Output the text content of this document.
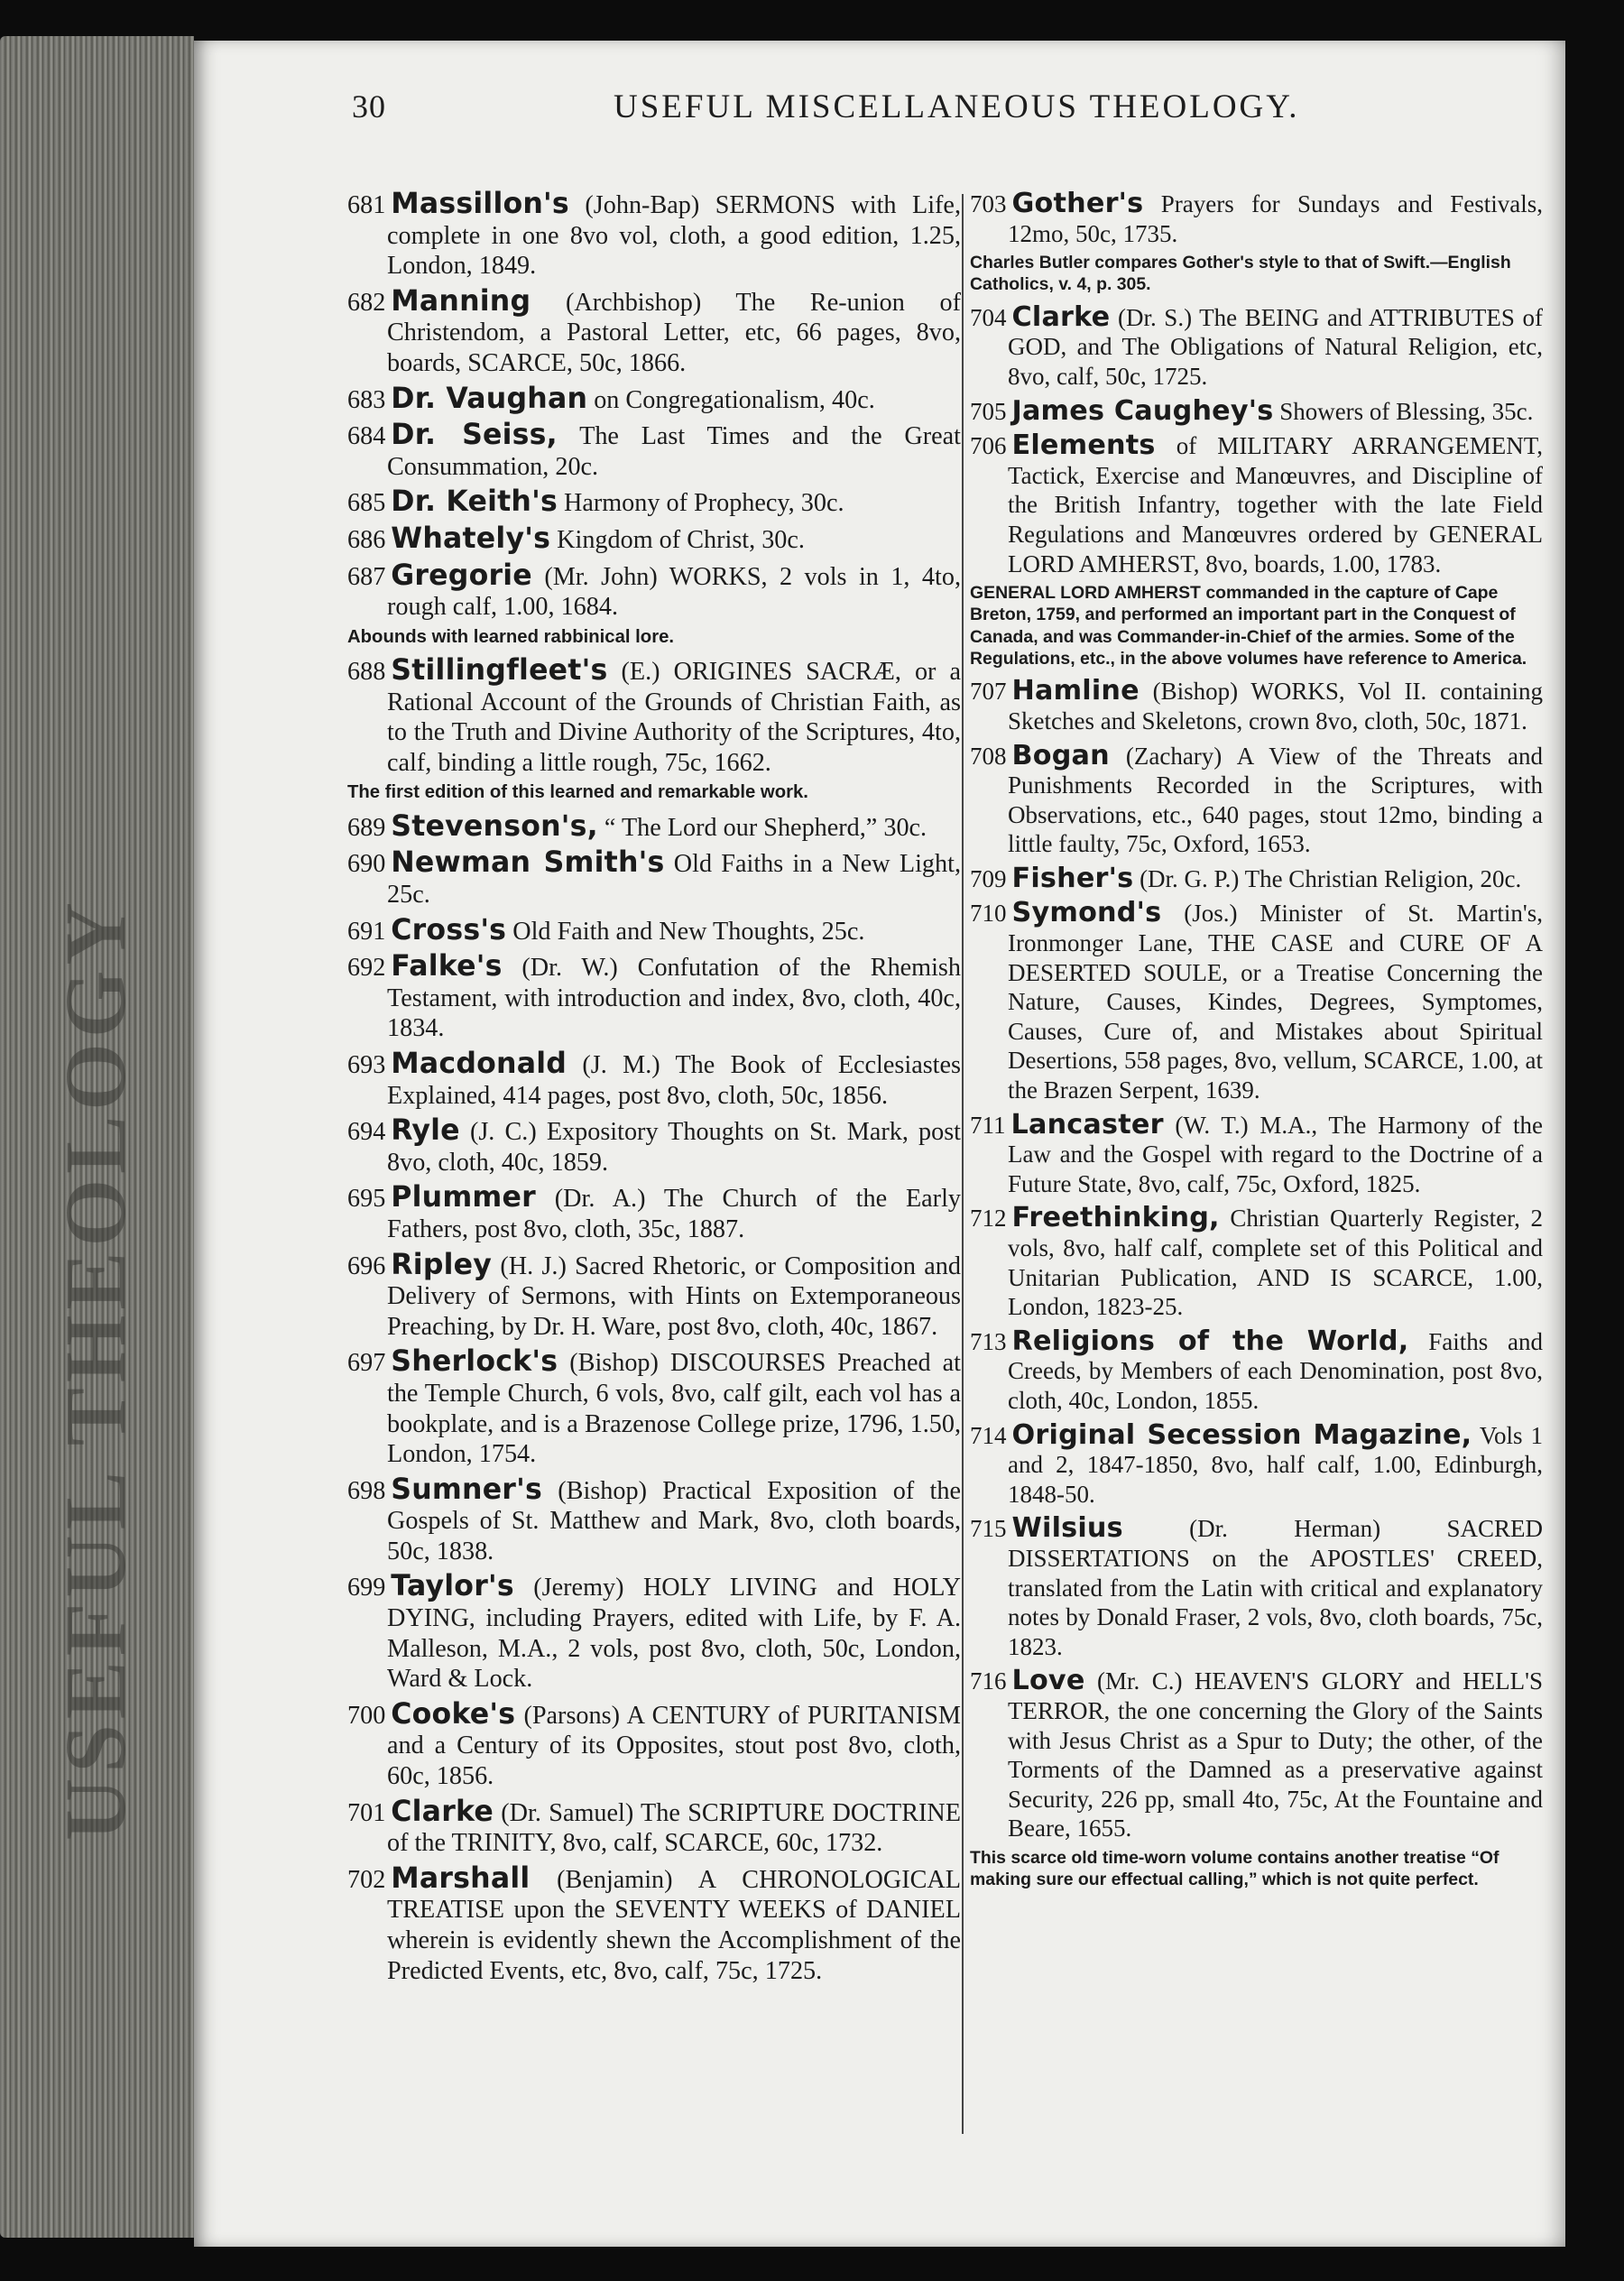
USEFUL THEOLOGY
30	USEFUL MISCELLANEOUS THEOLOGY.
681 Massillon's (John-Bap) SERMONS with Life, complete in one 8vo vol, cloth, a good edition, 1.25, London, 1849.
682 Manning (Archbishop) The Re-union of Christendom, a Pastoral Letter, etc, 66 pages, 8vo, boards, SCARCE, 50c, 1866.
683 Dr. Vaughan on Congregationalism, 40c.
684 Dr. Seiss, The Last Times and the Great Consummation, 20c.
685 Dr. Keith's Harmony of Prophecy, 30c.
686 Whately's Kingdom of Christ, 30c.
687 Gregorie (Mr. John) WORKS, 2 vols in 1, 4to, rough calf, 1.00, 1684.
Abounds with learned rabbinical lore.
688 Stillingfleet's (E.) ORIGINES SACRÆ, or a Rational Account of the Grounds of Christian Faith, as to the Truth and Divine Authority of the Scriptures, 4to, calf, binding a little rough, 75c, 1662.
The first edition of this learned and remarkable work.
689 Stevenson's, “ The Lord our Shepherd,” 30c.
690 Newman Smith's Old Faiths in a New Light, 25c.
691 Cross's Old Faith and New Thoughts, 25c.
692 Falke's (Dr. W.) Confutation of the Rhemish Testament, with introduction and index, 8vo, cloth, 40c, 1834.
693 Macdonald (J. M.) The Book of Ecclesiastes Explained, 414 pages, post 8vo, cloth, 50c, 1856.
694 Ryle (J. C.) Expository Thoughts on St. Mark, post 8vo, cloth, 40c, 1859.
695 Plummer (Dr. A.) The Church of the Early Fathers, post 8vo, cloth, 35c, 1887.
696 Ripley (H. J.) Sacred Rhetoric, or Composition and Delivery of Sermons, with Hints on Extemporaneous Preaching, by Dr. H. Ware, post 8vo, cloth, 40c, 1867.
697 Sherlock's (Bishop) DISCOURSES Preached at the Temple Church, 6 vols, 8vo, calf gilt, each vol has a bookplate, and is a Brazenose College prize, 1796, 1.50, London, 1754.
698 Sumner's (Bishop) Practical Exposition of the Gospels of St. Matthew and Mark, 8vo, cloth boards, 50c, 1838.
699 Taylor's (Jeremy) HOLY LIVING and HOLY DYING, including Prayers, edited with Life, by F. A. Malleson, M.A., 2 vols, post 8vo, cloth, 50c, London, Ward & Lock.
700 Cooke's (Parsons) A CENTURY of PURITANISM and a Century of its Opposites, stout post 8vo, cloth, 60c, 1856.
701 Clarke (Dr. Samuel) The SCRIPTURE DOCTRINE of the TRINITY, 8vo, calf, SCARCE, 60c, 1732.
702 Marshall (Benjamin) A CHRONOLOGICAL TREATISE upon the SEVENTY WEEKS of DANIEL wherein is evidently shewn the Accomplishment of the Predicted Events, etc, 8vo, calf, 75c, 1725.
703 Gother's Prayers for Sundays and Festivals, 12mo, 50c, 1735.
Charles Butler compares Gother's style to that of Swift.—English Catholics, v. 4, p. 305.
704 Clarke (Dr. S.) The BEING and ATTRIBUTES of GOD, and The Obligations of Natural Religion, etc, 8vo, calf, 50c, 1725.
705 James Caughey's Showers of Blessing, 35c.
706 Elements of MILITARY ARRANGEMENT, Tactick, Exercise and Manœuvres, and Discipline of the British Infantry, together with the late Field Regulations and Manœuvres ordered by GENERAL LORD AMHERST, 8vo, boards, 1.00, 1783.
GENERAL LORD AMHERST commanded in the capture of Cape Breton, 1759, and performed an important part in the Conquest of Canada, and was Commander-in-Chief of the armies. Some of the Regulations, etc., in the above volumes have reference to America.
707 Hamline (Bishop) WORKS, Vol II. containing Sketches and Skeletons, crown 8vo, cloth, 50c, 1871.
708 Bogan (Zachary) A View of the Threats and Punishments Recorded in the Scriptures, with Observations, etc., 640 pages, stout 12mo, binding a little faulty, 75c, Oxford, 1653.
709 Fisher's (Dr. G. P.) The Christian Religion, 20c.
710 Symond's (Jos.) Minister of St. Martin's, Ironmonger Lane, THE CASE and CURE OF A DESERTED SOULE, or a Treatise Concerning the Nature, Causes, Kindes, Degrees, Symptomes, Causes, Cure of, and Mistakes about Spiritual Desertions, 558 pages, 8vo, vellum, SCARCE, 1.00, at the Brazen Serpent, 1639.
711 Lancaster (W. T.) M.A., The Harmony of the Law and the Gospel with regard to the Doctrine of a Future State, 8vo, calf, 75c, Oxford, 1825.
712 Freethinking, Christian Quarterly Register, 2 vols, 8vo, half calf, complete set of this Political and Unitarian Publication, AND IS SCARCE, 1.00, London, 1823-25.
713 Religions of the World, Faiths and Creeds, by Members of each Denomination, post 8vo, cloth, 40c, London, 1855.
714 Original Secession Magazine, Vols 1 and 2, 1847-1850, 8vo, half calf, 1.00, Edinburgh, 1848-50.
715 Wilsius (Dr. Herman) SACRED DISSERTATIONS on the APOSTLES' CREED, translated from the Latin with critical and explanatory notes by Donald Fraser, 2 vols, 8vo, cloth boards, 75c, 1823.
716 Love (Mr. C.) HEAVEN'S GLORY and HELL'S TERROR, the one concerning the Glory of the Saints with Jesus Christ as a Spur to Duty; the other, of the Torments of the Damned as a preservative against Security, 226 pp, small 4to, 75c, At the Fountaine and Beare, 1655.
This scarce old time-worn volume contains another treatise “Of making sure our effectual calling,” which is not quite perfect.
